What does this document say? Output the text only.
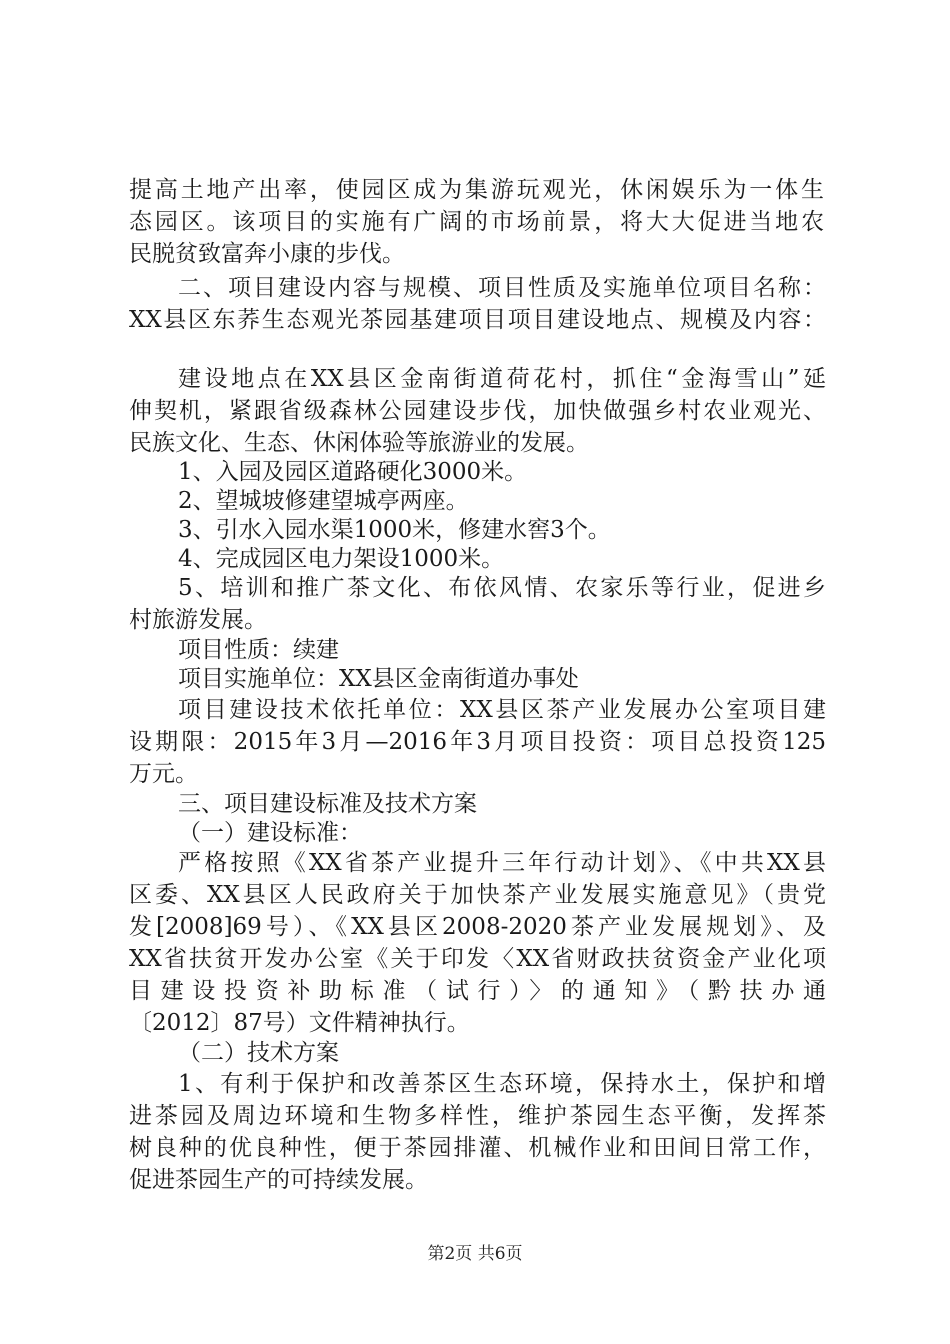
提高土地产出率，使园区成为集游玩观光，休闲娱乐为一体生
态园区。该项目的实施有广阔的市场前景，将大大促进当地农
民脱贫致富奔小康的步伐。
二、项目建设内容与规模、项目性质及实施单位项目名称：
XX县区东荞生态观光茶园基建项目项目建设地点、规模及内容：
建设地点在XX县区金南街道荷花村，抓住“金海雪山”延
伸契机，紧跟省级森林公园建设步伐，加快做强乡村农业观光、
民族文化、生态、休闲体验等旅游业的发展。
1、入园及园区道路硬化3000米。
2、望城坡修建望城亭两座。
3、引水入园水渠1000米，修建水窖3个。
4、完成园区电力架设1000米。
5、培训和推广茶文化、布依风情、农家乐等行业，促进乡
村旅游发展。
项目性质：续建
项目实施单位：XX县区金南街道办事处
项目建设技术依托单位：XX县区茶产业发展办公室项目建
设期限：2015年3月—2016年3月项目投资：项目总投资125
万元。
三、项目建设标准及技术方案
（一）建设标准：
严格按照《XX省茶产业提升三年行动计划》、《中共XX县
区委、XX县区人民政府关于加快茶产业发展实施意见》（贵党
发[2008]69号）、《XX县区2008-2020茶产业发展规划》、及
XX省扶贫开发办公室《关于印发〈XX省财政扶贫资金产业化项
目建设投资补助标准（试行）〉的通知》（黔扶办通
〔2012〕87号）文件精神执行。
（二）技术方案
1、有利于保护和改善茶区生态环境，保持水土，保护和增
进茶园及周边环境和生物多样性，维护茶园生态平衡，发挥茶
树良种的优良种性，便于茶园排灌、机械作业和田间日常工作，
促进茶园生产的可持续发展。
第2页 共6页
